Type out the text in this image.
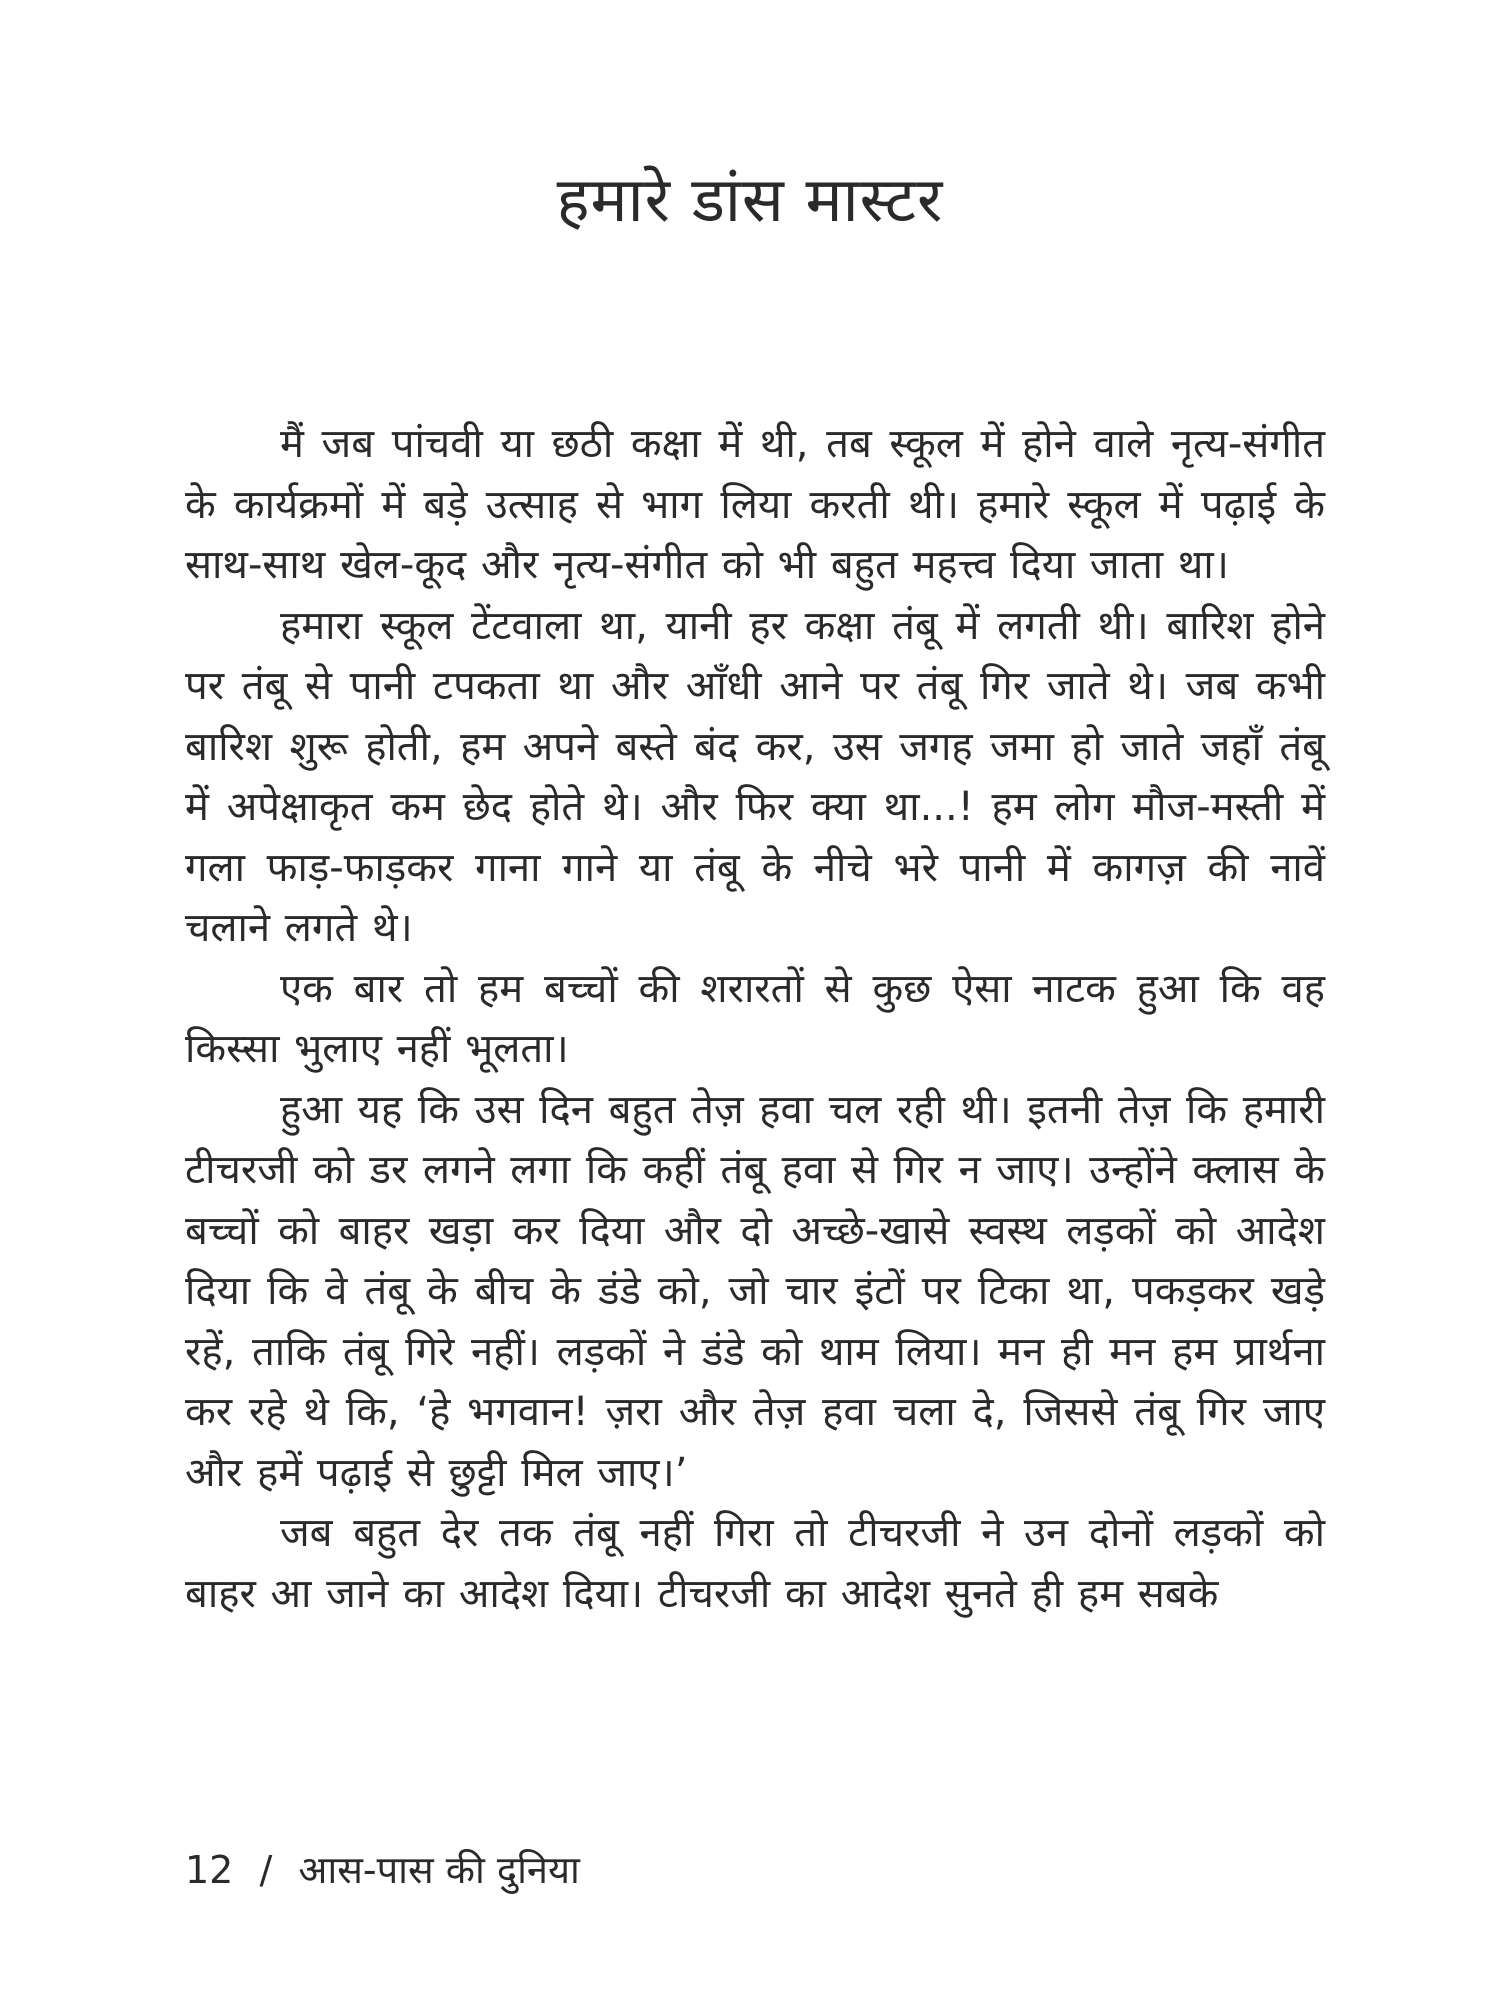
हमारे डांस मास्टर

मैं जब पांचवी या छठी कक्षा में थी, तब स्कूल में होने वाले नृत्य-संगीत के कार्यक्रमों में बड़े उत्साह से भाग लिया करती थी। हमारे स्कूल में पढ़ाई के साथ-साथ खेल-कूद और नृत्य-संगीत को भी बहुत महत्त्व दिया जाता था।

हमारा स्कूल टेंटवाला था, यानी हर कक्षा तंबू में लगती थी। बारिश होने पर तंबू से पानी टपकता था और आँधी आने पर तंबू गिर जाते थे। जब कभी बारिश शुरू होती, हम अपने बस्ते बंद कर, उस जगह जमा हो जाते जहाँ तंबू में अपेक्षाकृत कम छेद होते थे। और फिर क्या था...! हम लोग मौज-मस्ती में गला फाड़-फाड़कर गाना गाने या तंबू के नीचे भरे पानी में कागज़ की नावें चलाने लगते थे।

एक बार तो हम बच्चों की शरारतों से कुछ ऐसा नाटक हुआ कि वह किस्सा भुलाए नहीं भूलता।

हुआ यह कि उस दिन बहुत तेज़ हवा चल रही थी। इतनी तेज़ कि हमारी टीचरजी को डर लगने लगा कि कहीं तंबू हवा से गिर न जाए। उन्होंने क्लास के बच्चों को बाहर खड़ा कर दिया और दो अच्छे-खासे स्वस्थ लड़कों को आदेश दिया कि वे तंबू के बीच के डंडे को, जो चार इंटों पर टिका था, पकड़कर खड़े रहें, ताकि तंबू गिरे नहीं। लड़कों ने डंडे को थाम लिया। मन ही मन हम प्रार्थना कर रहे थे कि, ‘हे भगवान! ज़रा और तेज़ हवा चला दे, जिससे तंबू गिर जाए और हमें पढ़ाई से छुट्टी मिल जाए।’

जब बहुत देर तक तंबू नहीं गिरा तो टीचरजी ने उन दोनों लड़कों को बाहर आ जाने का आदेश दिया। टीचरजी का आदेश सुनते ही हम सबके

12 / आस-पास की दुनिया
